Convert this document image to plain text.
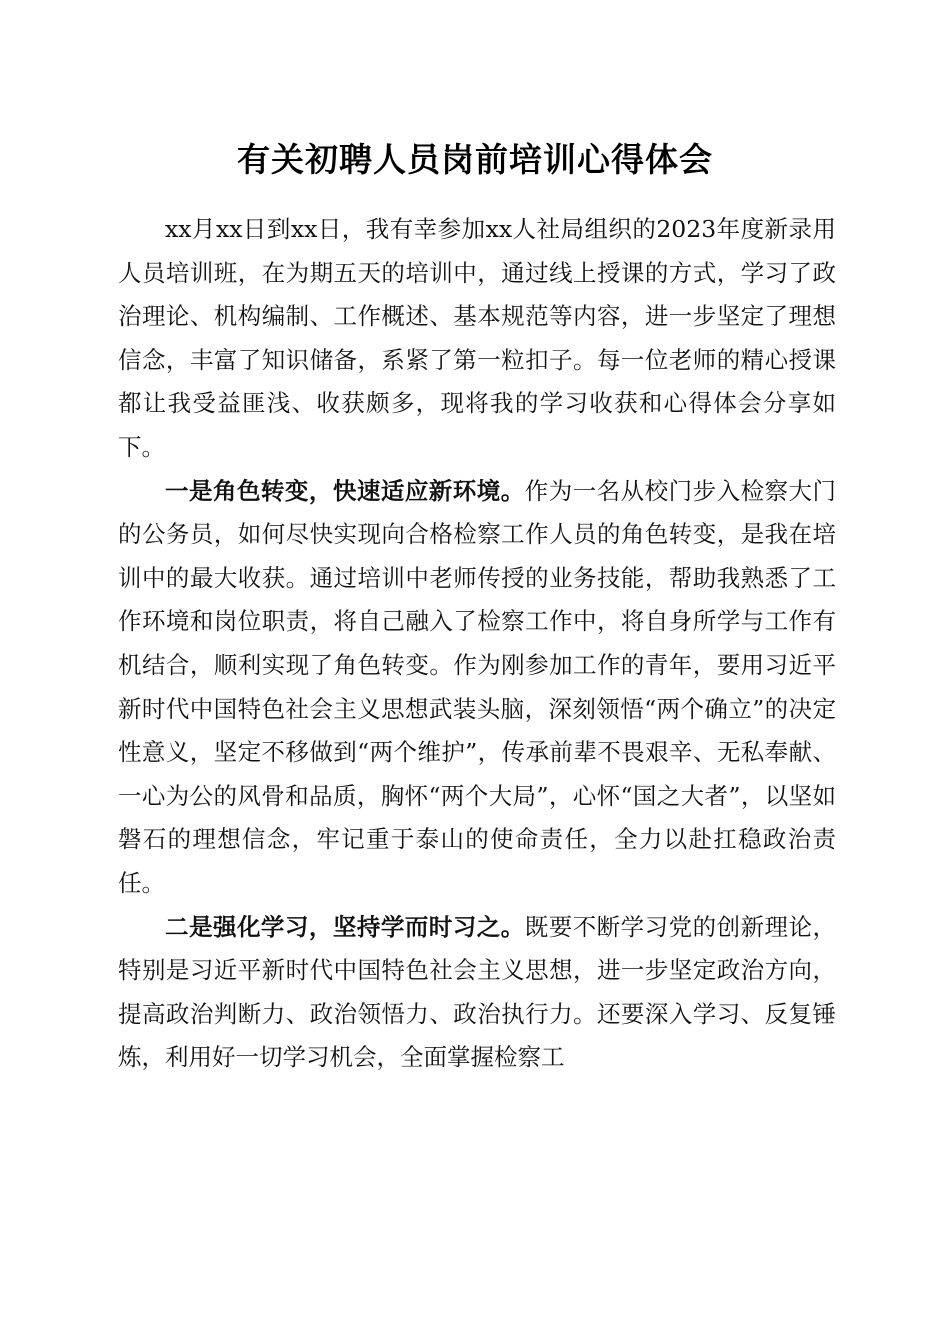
有关初聘人员岗前培训心得体会

xx月xx日到xx日，我有幸参加xx人社局组织的2023年度新录用人员培训班，在为期五天的培训中，通过线上授课的方式，学习了政治理论、机构编制、工作概述、基本规范等内容，进一步坚定了理想信念，丰富了知识储备，系紧了第一粒扣子。每一位老师的精心授课都让我受益匪浅、收获颇多，现将我的学习收获和心得体会分享如下。

一是角色转变，快速适应新环境。作为一名从校门步入检察大门的公务员，如何尽快实现向合格检察工作人员的角色转变，是我在培训中的最大收获。通过培训中老师传授的业务技能，帮助我熟悉了工作环境和岗位职责，将自己融入了检察工作中，将自身所学与工作有机结合，顺利实现了角色转变。作为刚参加工作的青年，要用习近平新时代中国特色社会主义思想武装头脑，深刻领悟“两个确立”的决定性意义，坚定不移做到“两个维护”，传承前辈不畏艰辛、无私奉献、一心为公的风骨和品质，胸怀“两个大局”，心怀“国之大者”，以坚如磐石的理想信念，牢记重于泰山的使命责任，全力以赴扛稳政治责任。

二是强化学习，坚持学而时习之。既要不断学习党的创新理论，特别是习近平新时代中国特色社会主义思想，进一步坚定政治方向，提高政治判断力、政治领悟力、政治执行力。还要深入学习、反复锤炼，利用好一切学习机会，全面掌握检察工
